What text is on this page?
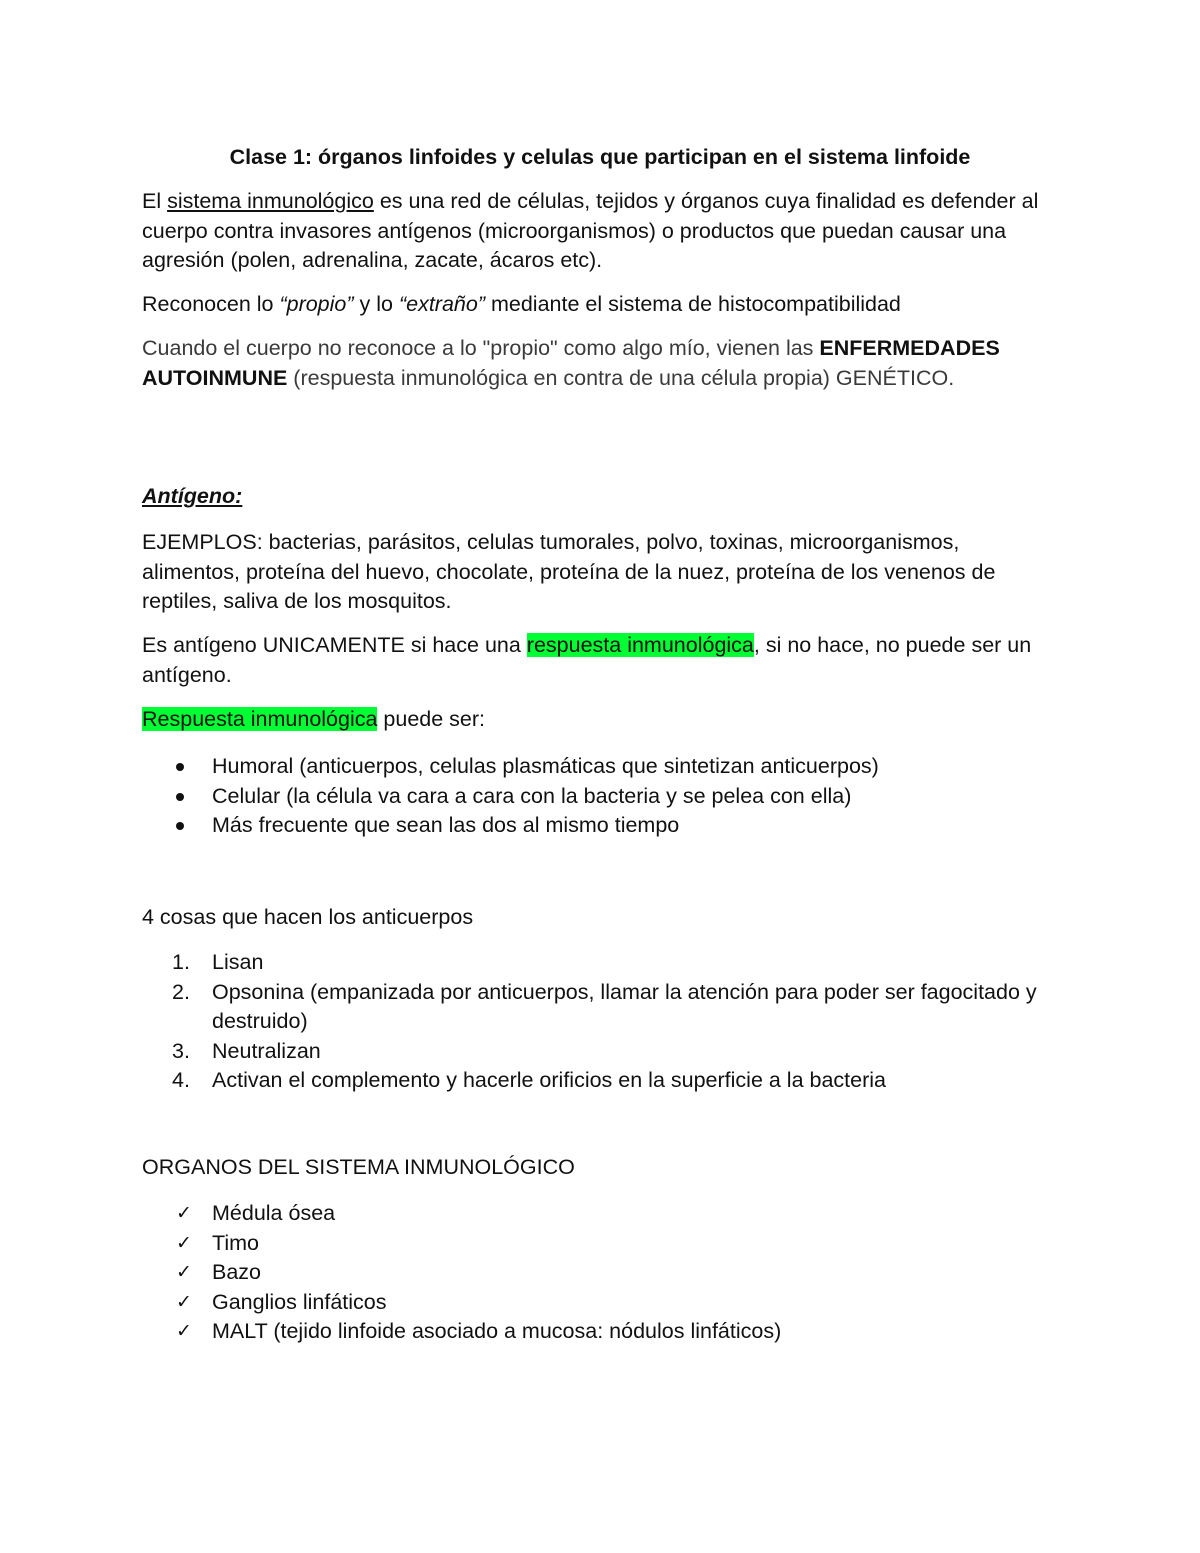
Clase 1: órganos linfoides y celulas que participan en el sistema linfoide

El sistema inmunológico es una red de células, tejidos y órganos cuya finalidad es defender al cuerpo contra invasores antígenos (microorganismos) o productos que puedan causar una agresión (polen, adrenalina, zacate, ácaros etc).

Reconocen lo “propio” y lo “extraño” mediante el sistema de histocompatibilidad

Cuando el cuerpo no reconoce a lo "propio" como algo mío, vienen las ENFERMEDADES AUTOINMUNE (respuesta inmunológica en contra de una célula propia) GENÉTICO.

Antígeno:

EJEMPLOS: bacterias, parásitos, celulas tumorales, polvo, toxinas, microorganismos, alimentos, proteína del huevo, chocolate, proteína de la nuez, proteína de los venenos de reptiles, saliva de los mosquitos.

Es antígeno UNICAMENTE si hace una respuesta inmunológica, si no hace, no puede ser un antígeno.

Respuesta inmunológica puede ser:

Humoral (anticuerpos, celulas plasmáticas que sintetizan anticuerpos)
Celular (la célula va cara a cara con la bacteria y se pelea con ella)
Más frecuente que sean las dos al mismo tiempo

4 cosas que hacen los anticuerpos

1.	Lisan
2.	Opsonina (empanizada por anticuerpos, llamar la atención para poder ser fagocitado y destruido)
3.	Neutralizan
4.	Activan el complemento y hacerle orificios en la superficie a la bacteria

ORGANOS DEL SISTEMA INMUNOLÓGICO

✓ Médula ósea
✓ Timo
✓ Bazo
✓ Ganglios linfáticos
✓ MALT (tejido linfoide asociado a mucosa: nódulos linfáticos)
